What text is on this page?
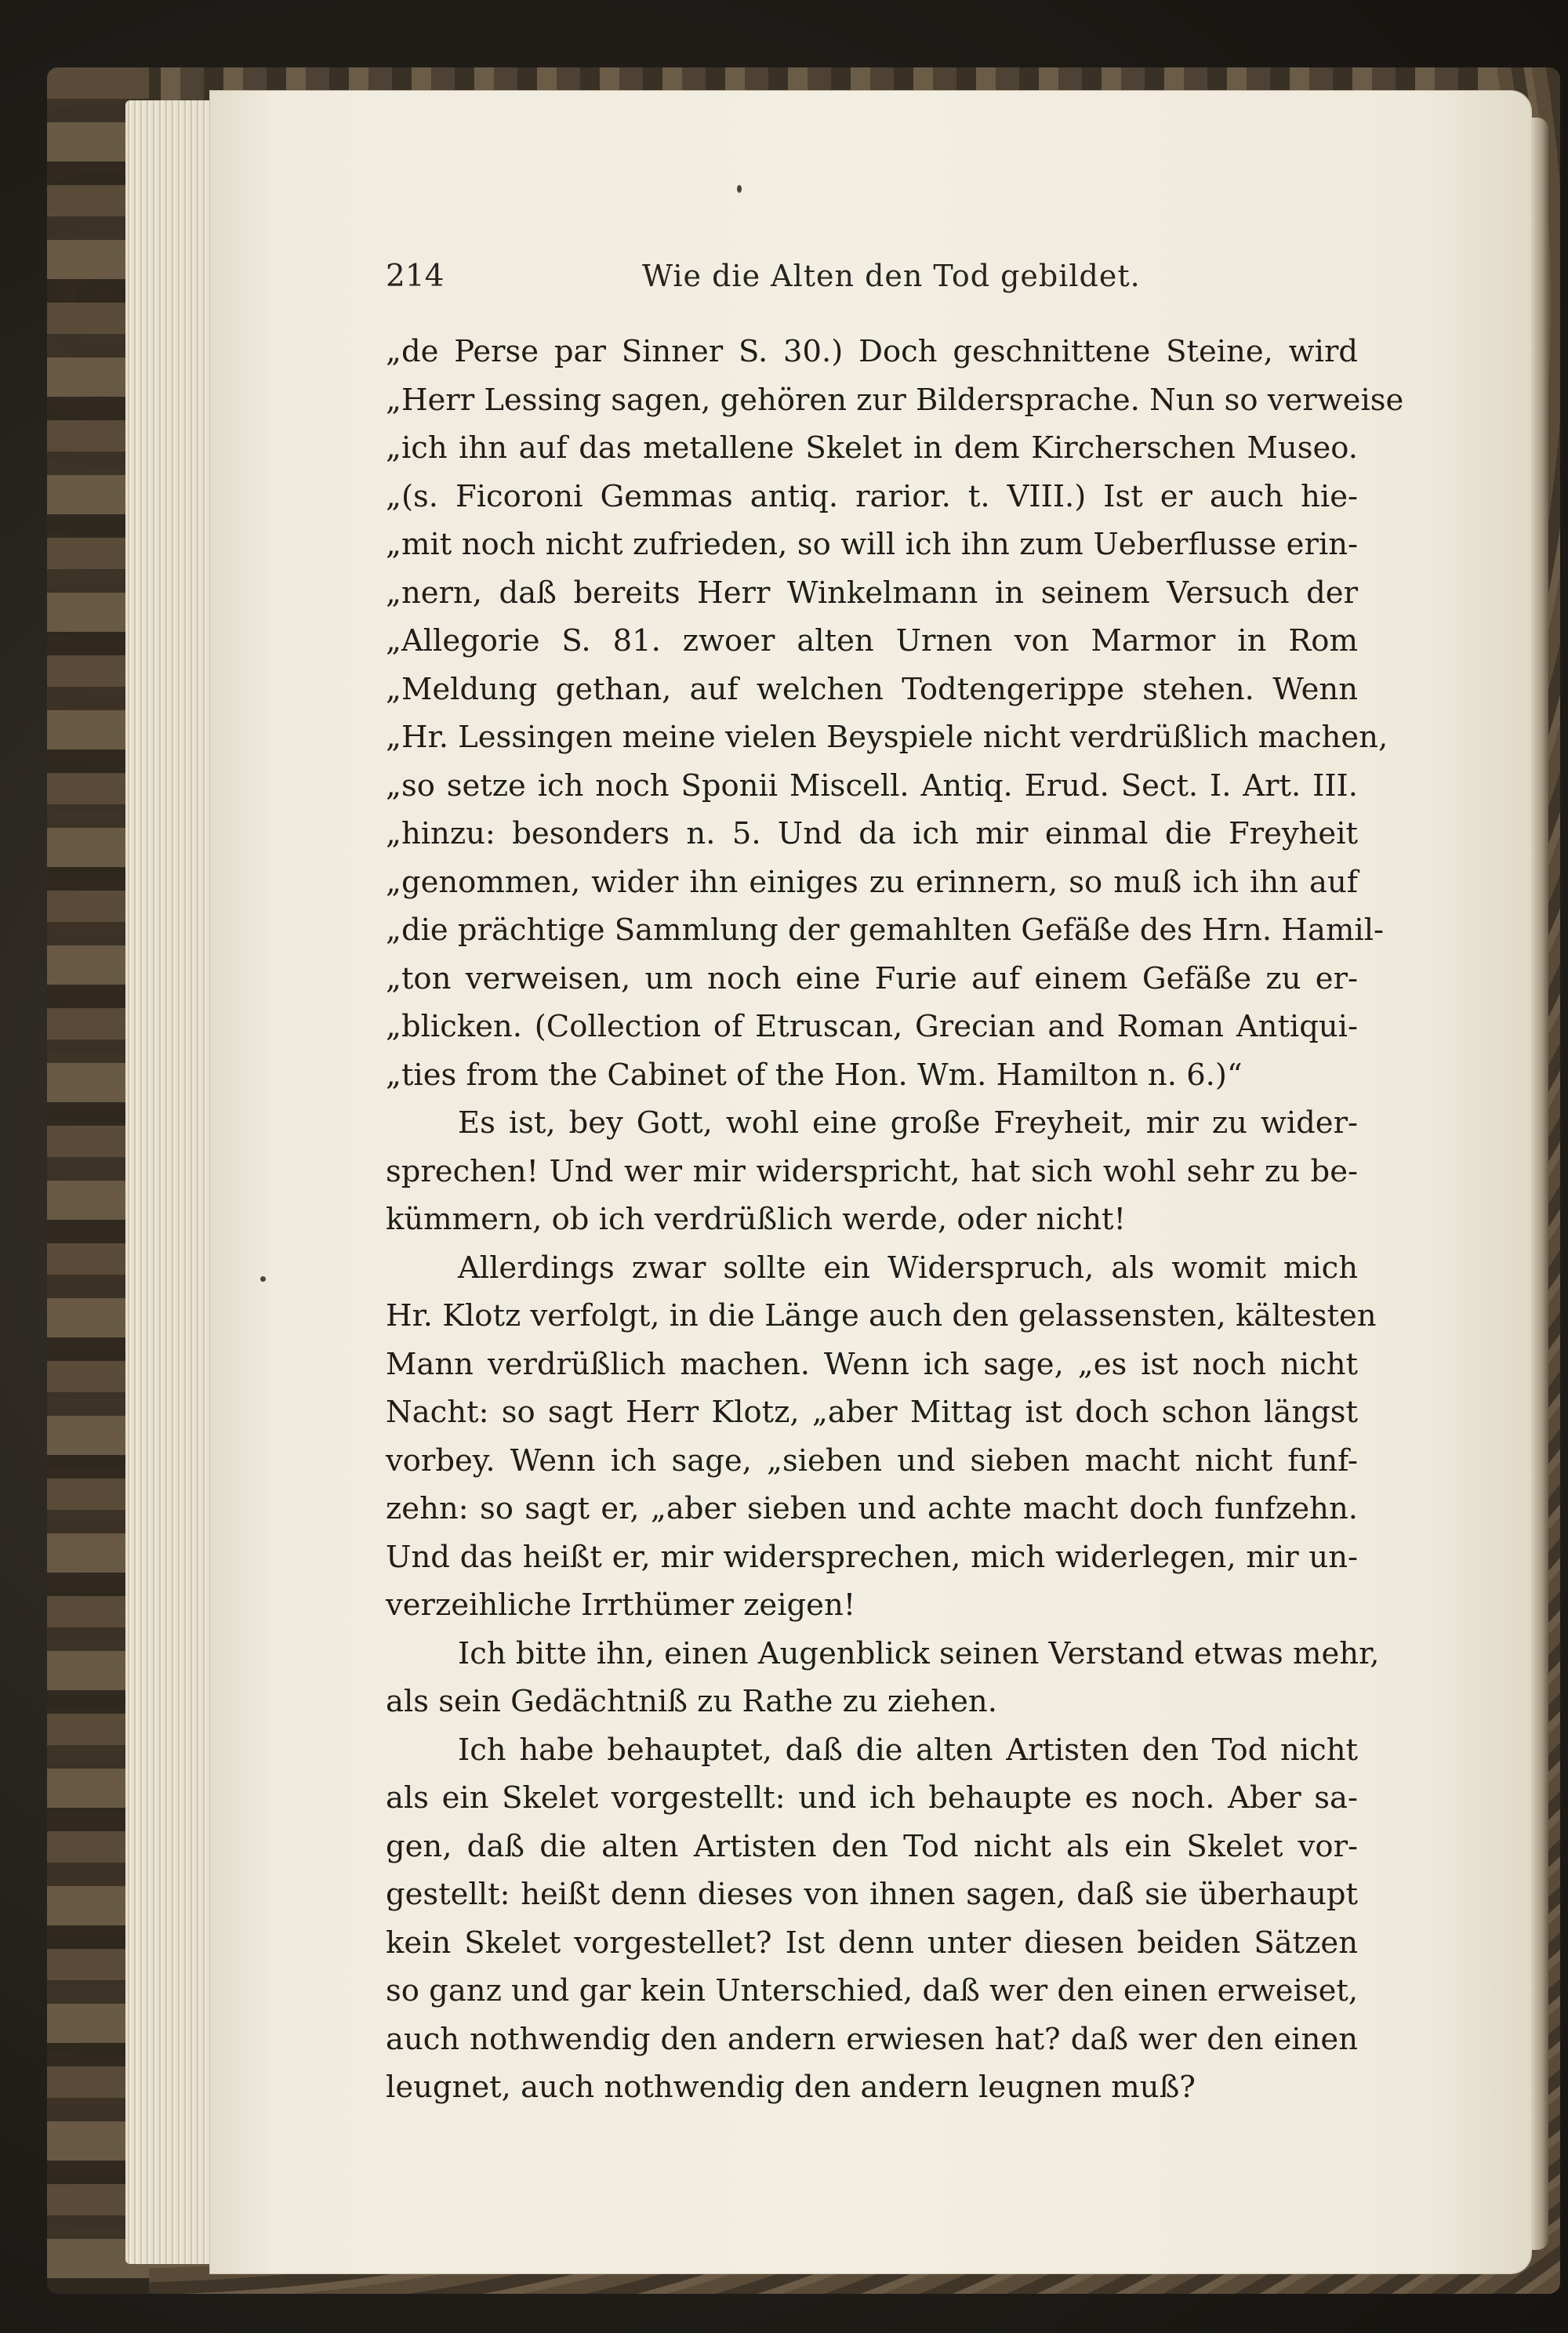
214	Wie die Alten den Tod gebildet.
„de Perse par Sinner S. 30.) Doch geschnittene Steine, wird
„Herr Lessing sagen, gehören zur Bildersprache. Nun so verweise
„ich ihn auf das metallene Skelet in dem Kircherschen Museo.
„(s. Ficoroni Gemmas antiq. rarior. t. VIII.) Ist er auch hie-
„mit noch nicht zufrieden, so will ich ihn zum Ueberflusse erin-
„nern, daß bereits Herr Winkelmann in seinem Versuch der
„Allegorie S. 81. zwoer alten Urnen von Marmor in Rom
„Meldung gethan, auf welchen Todtengerippe stehen. Wenn
„Hr. Lessingen meine vielen Beyspiele nicht verdrüßlich machen,
„so setze ich noch Sponii Miscell. Antiq. Erud. Sect. I. Art. III.
„hinzu: besonders n. 5. Und da ich mir einmal die Freyheit
„genommen, wider ihn einiges zu erinnern, so muß ich ihn auf
„die prächtige Sammlung der gemahlten Gefäße des Hrn. Hamil-
„ton verweisen, um noch eine Furie auf einem Gefäße zu er-
„blicken. (Collection of Etruscan, Grecian and Roman Antiqui-
„ties from the Cabinet of the Hon. Wm. Hamilton n. 6.)“
Es ist, bey Gott, wohl eine große Freyheit, mir zu wider-
sprechen! Und wer mir widerspricht, hat sich wohl sehr zu be-
kümmern, ob ich verdrüßlich werde, oder nicht!
Allerdings zwar sollte ein Widerspruch, als womit mich
Hr. Klotz verfolgt, in die Länge auch den gelassensten, kältesten
Mann verdrüßlich machen. Wenn ich sage, „es ist noch nicht
Nacht: so sagt Herr Klotz, „aber Mittag ist doch schon längst
vorbey. Wenn ich sage, „sieben und sieben macht nicht funf-
zehn: so sagt er, „aber sieben und achte macht doch funfzehn.
Und das heißt er, mir widersprechen, mich widerlegen, mir un-
verzeihliche Irrthümer zeigen!
Ich bitte ihn, einen Augenblick seinen Verstand etwas mehr,
als sein Gedächtniß zu Rathe zu ziehen.
Ich habe behauptet, daß die alten Artisten den Tod nicht
als ein Skelet vorgestellt: und ich behaupte es noch. Aber sa-
gen, daß die alten Artisten den Tod nicht als ein Skelet vor-
gestellt: heißt denn dieses von ihnen sagen, daß sie überhaupt
kein Skelet vorgestellet? Ist denn unter diesen beiden Sätzen
so ganz und gar kein Unterschied, daß wer den einen erweiset,
auch nothwendig den andern erwiesen hat? daß wer den einen
leugnet, auch nothwendig den andern leugnen muß?
